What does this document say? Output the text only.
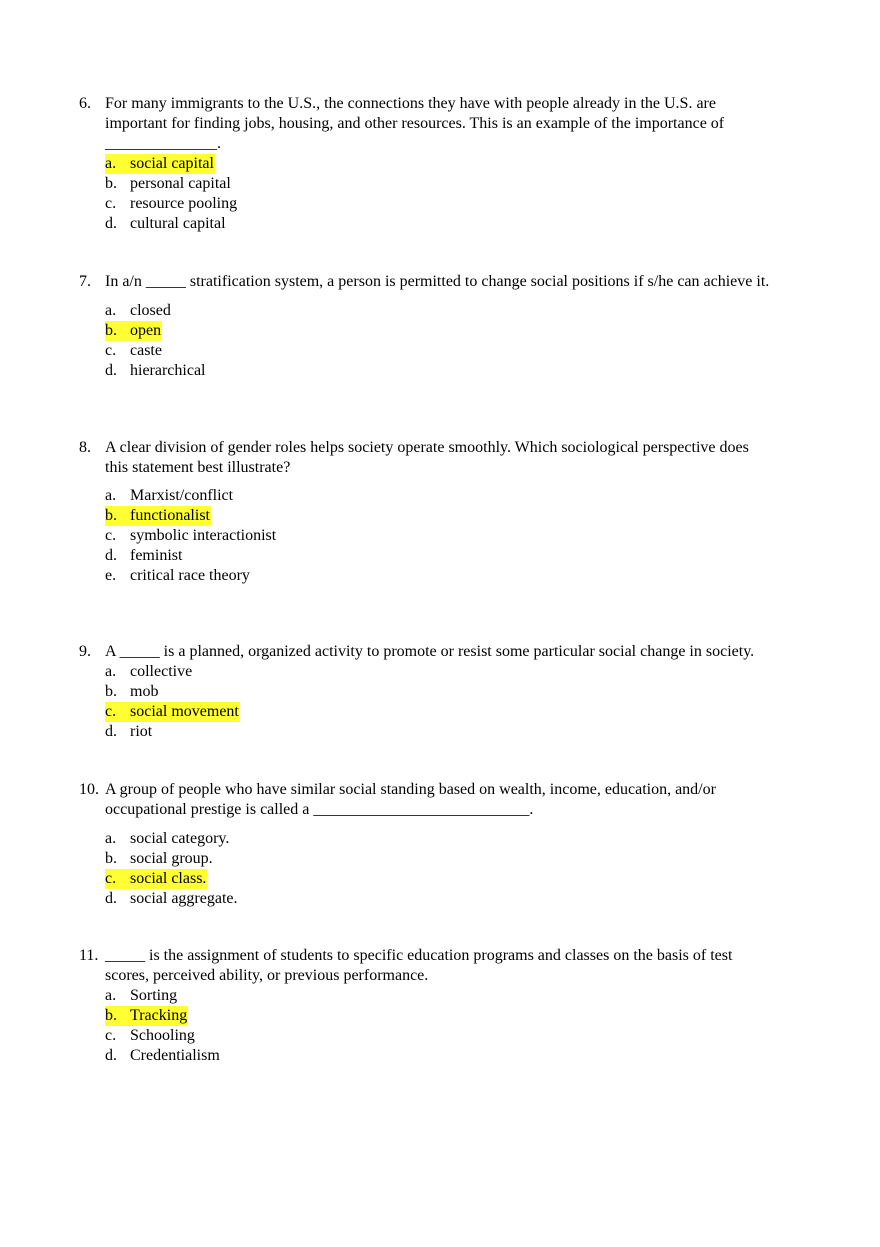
6. For many immigrants to the U.S., the connections they have with people already in the U.S. are
important for finding jobs, housing, and other resources. This is an example of the importance of
______________.
a. social capital
b. personal capital
c. resource pooling
d. cultural capital
7. In a/n _____ stratification system, a person is permitted to change social positions if s/he can achieve it.
a. closed
b. open
c. caste
d. hierarchical
8. A clear division of gender roles helps society operate smoothly. Which sociological perspective does
this statement best illustrate?
a. Marxist/conflict
b. functionalist
c. symbolic interactionist
d. feminist
e. critical race theory
9. A _____ is a planned, organized activity to promote or resist some particular social change in society.
a. collective
b. mob
c. social movement
d. riot
10. A group of people who have similar social standing based on wealth, income, education, and/or
occupational prestige is called a ___________________________.
a. social category.
b. social group.
c. social class.
d. social aggregate.
11. _____ is the assignment of students to specific education programs and classes on the basis of test
scores, perceived ability, or previous performance.
a. Sorting
b. Tracking
c. Schooling
d. Credentialism
